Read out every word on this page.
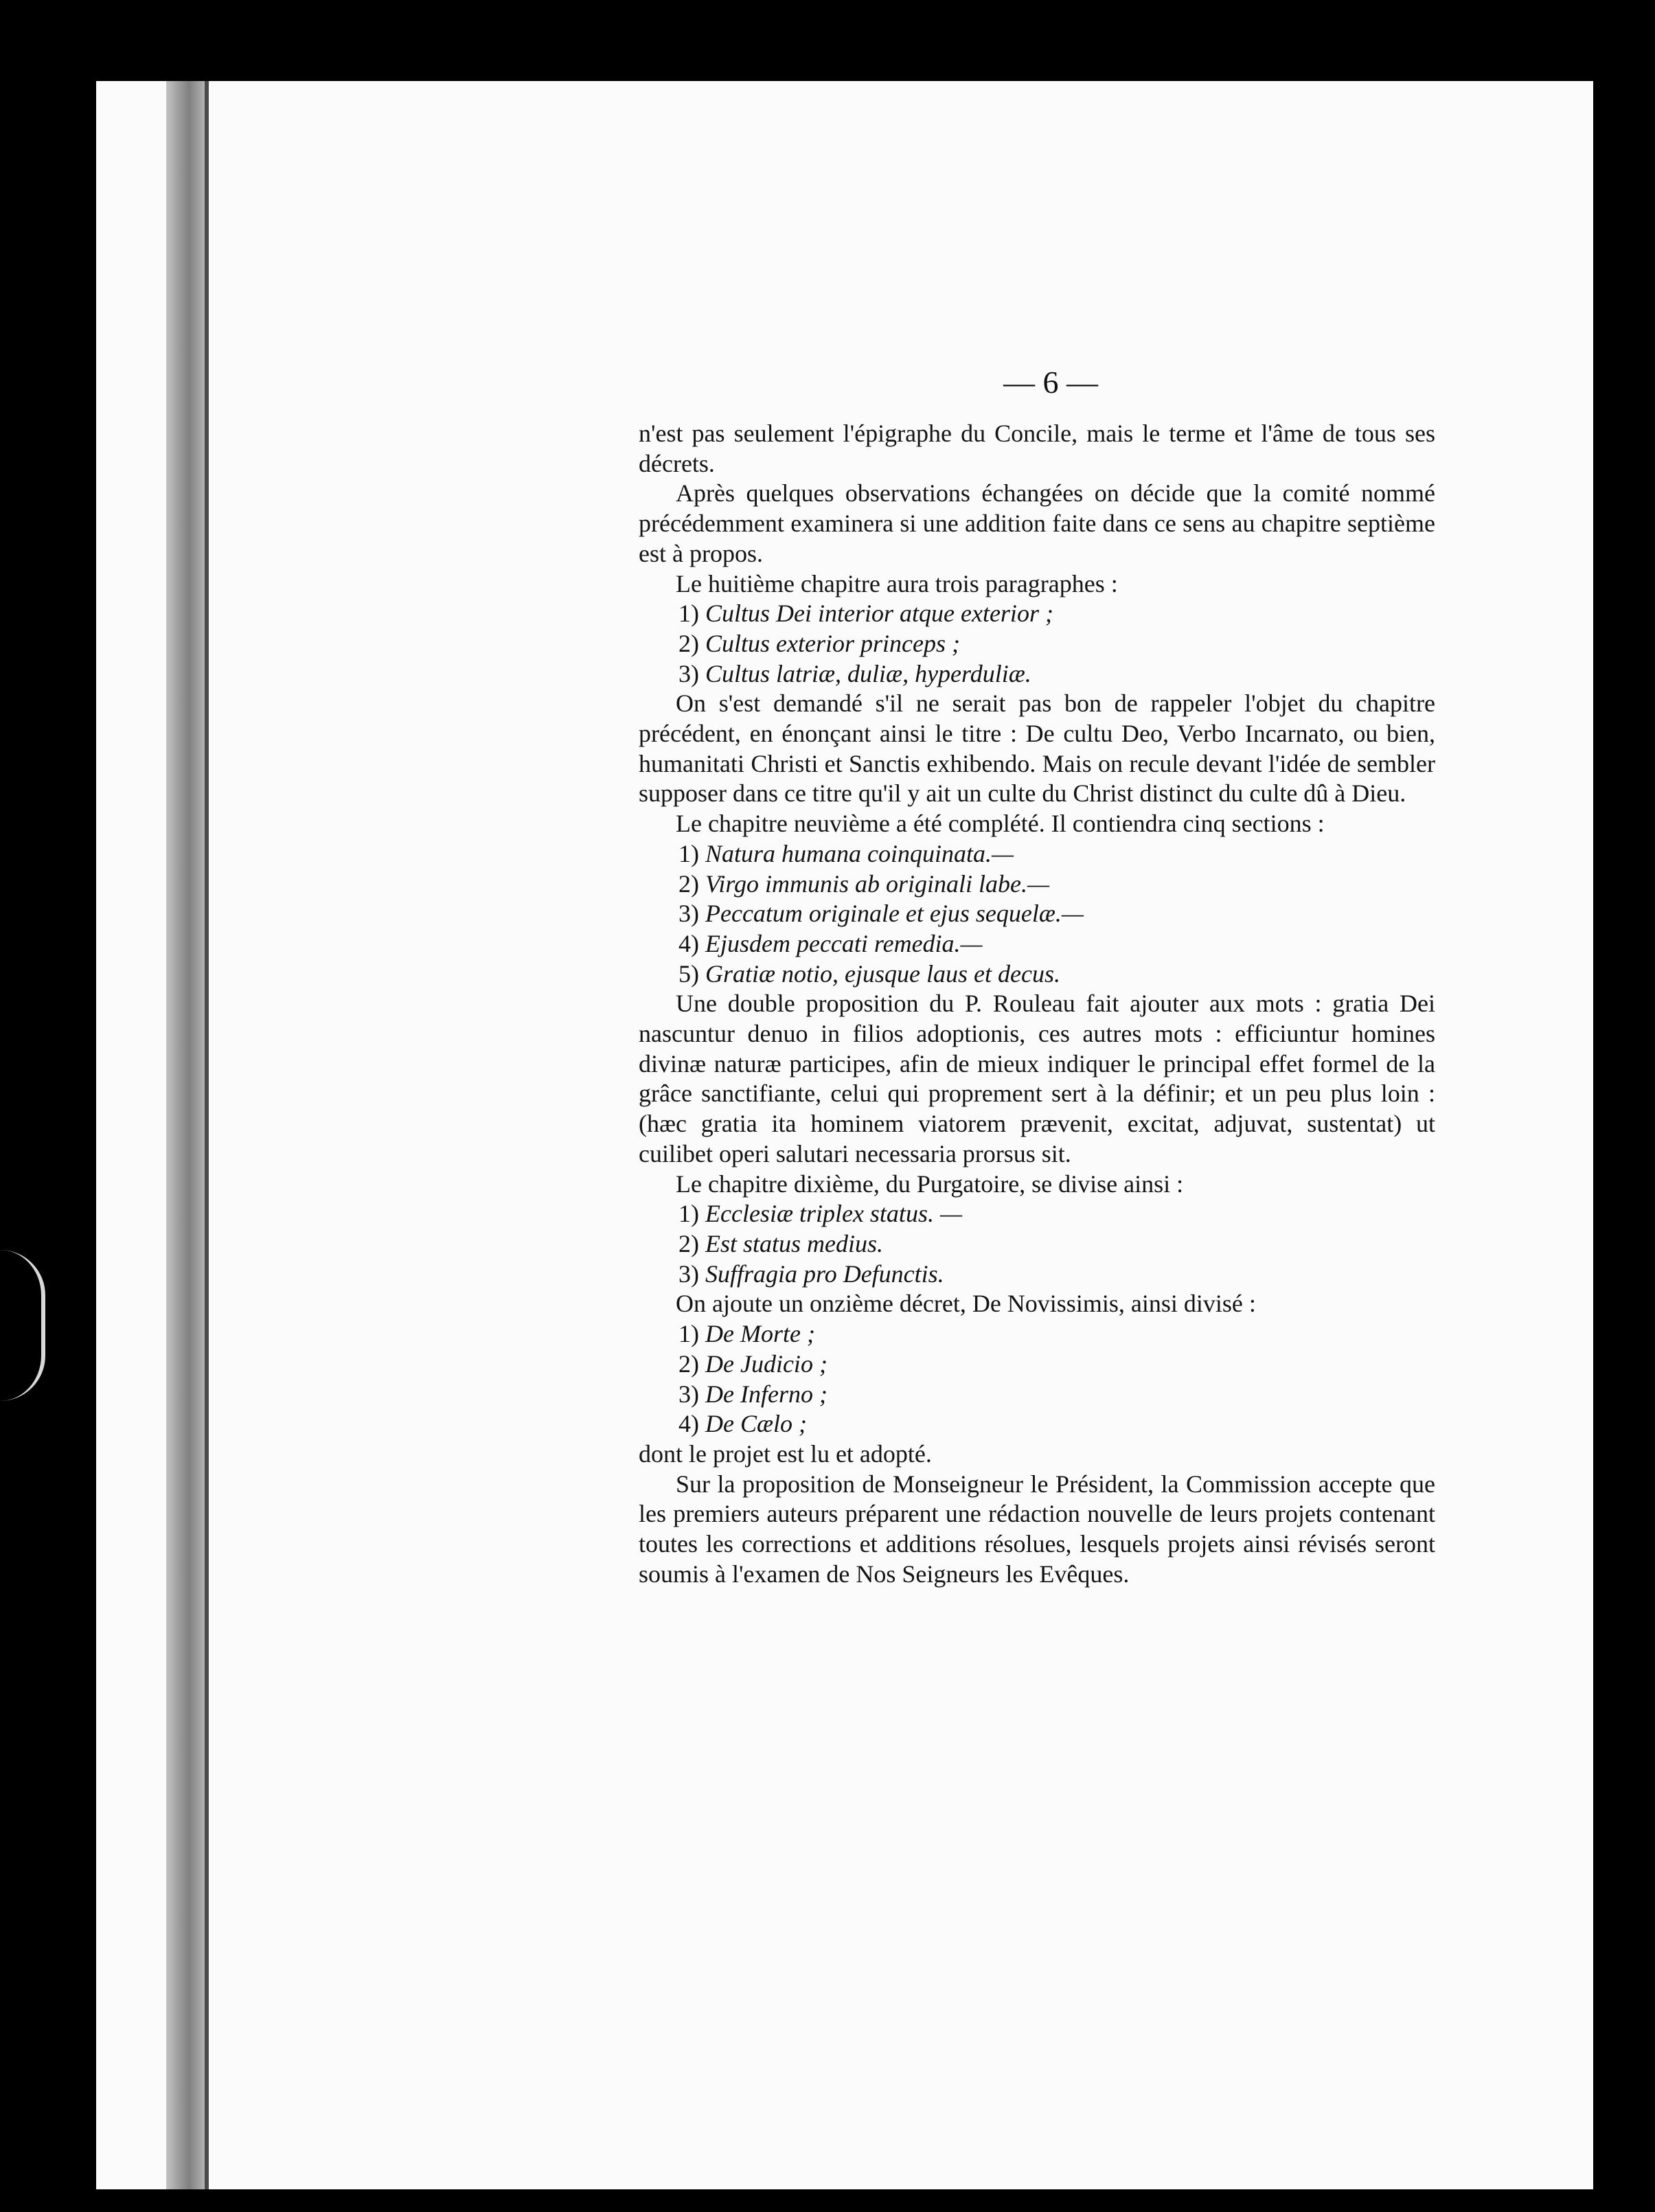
— 6 —

n'est pas seulement l'épigraphe du Concile, mais le terme et l'âme de tous ses décrets.

Après quelques observations échangées on décide que la comité nommé précédemment examinera si une addition faite dans ce sens au chapitre septième est à propos.

Le huitième chapitre aura trois paragraphes :

1) Cultus Dei interior atque exterior ;

2) Cultus exterior princeps ;

3) Cultus latriæ, duliæ, hyperduliæ.

On s'est demandé s'il ne serait pas bon de rappeler l'objet du chapitre précédent, en énonçant ainsi le titre : De cultu Deo, Verbo Incarnato, ou bien, humanitati Christi et Sanctis exhibendo. Mais on recule devant l'idée de sembler supposer dans ce titre qu'il y ait un culte du Christ distinct du culte dû à Dieu.

Le chapitre neuvième a été complété. Il contiendra cinq sections :

1) Natura humana coinquinata.—

2) Virgo immunis ab originali labe.—

3) Peccatum originale et ejus sequelæ.—

4) Ejusdem peccati remedia.—

5) Gratiæ notio, ejusque laus et decus.

Une double proposition du P. Rouleau fait ajouter aux mots : gratia Dei nascuntur denuo in filios adoptionis, ces autres mots : efficiuntur homines divinæ naturæ participes, afin de mieux indiquer le principal effet formel de la grâce sanctifiante, celui qui proprement sert à la définir; et un peu plus loin : (hæc gratia ita hominem viatorem prævenit, excitat, adjuvat, sustentat) ut cuilibet operi salutari necessaria prorsus sit.

Le chapitre dixième, du Purgatoire, se divise ainsi :

1) Ecclesiæ triplex status. —

2) Est status medius.

3) Suffragia pro Defunctis.

On ajoute un onzième décret, De Novissimis, ainsi divisé :

1) De Morte ;

2) De Judicio ;

3) De Inferno ;

4) De Cælo ;

dont le projet est lu et adopté.

Sur la proposition de Monseigneur le Président, la Commission accepte que les premiers auteurs préparent une rédaction nouvelle de leurs projets contenant toutes les corrections et additions résolues, lesquels projets ainsi révisés seront soumis à l'examen de Nos Seigneurs les Evêques.
